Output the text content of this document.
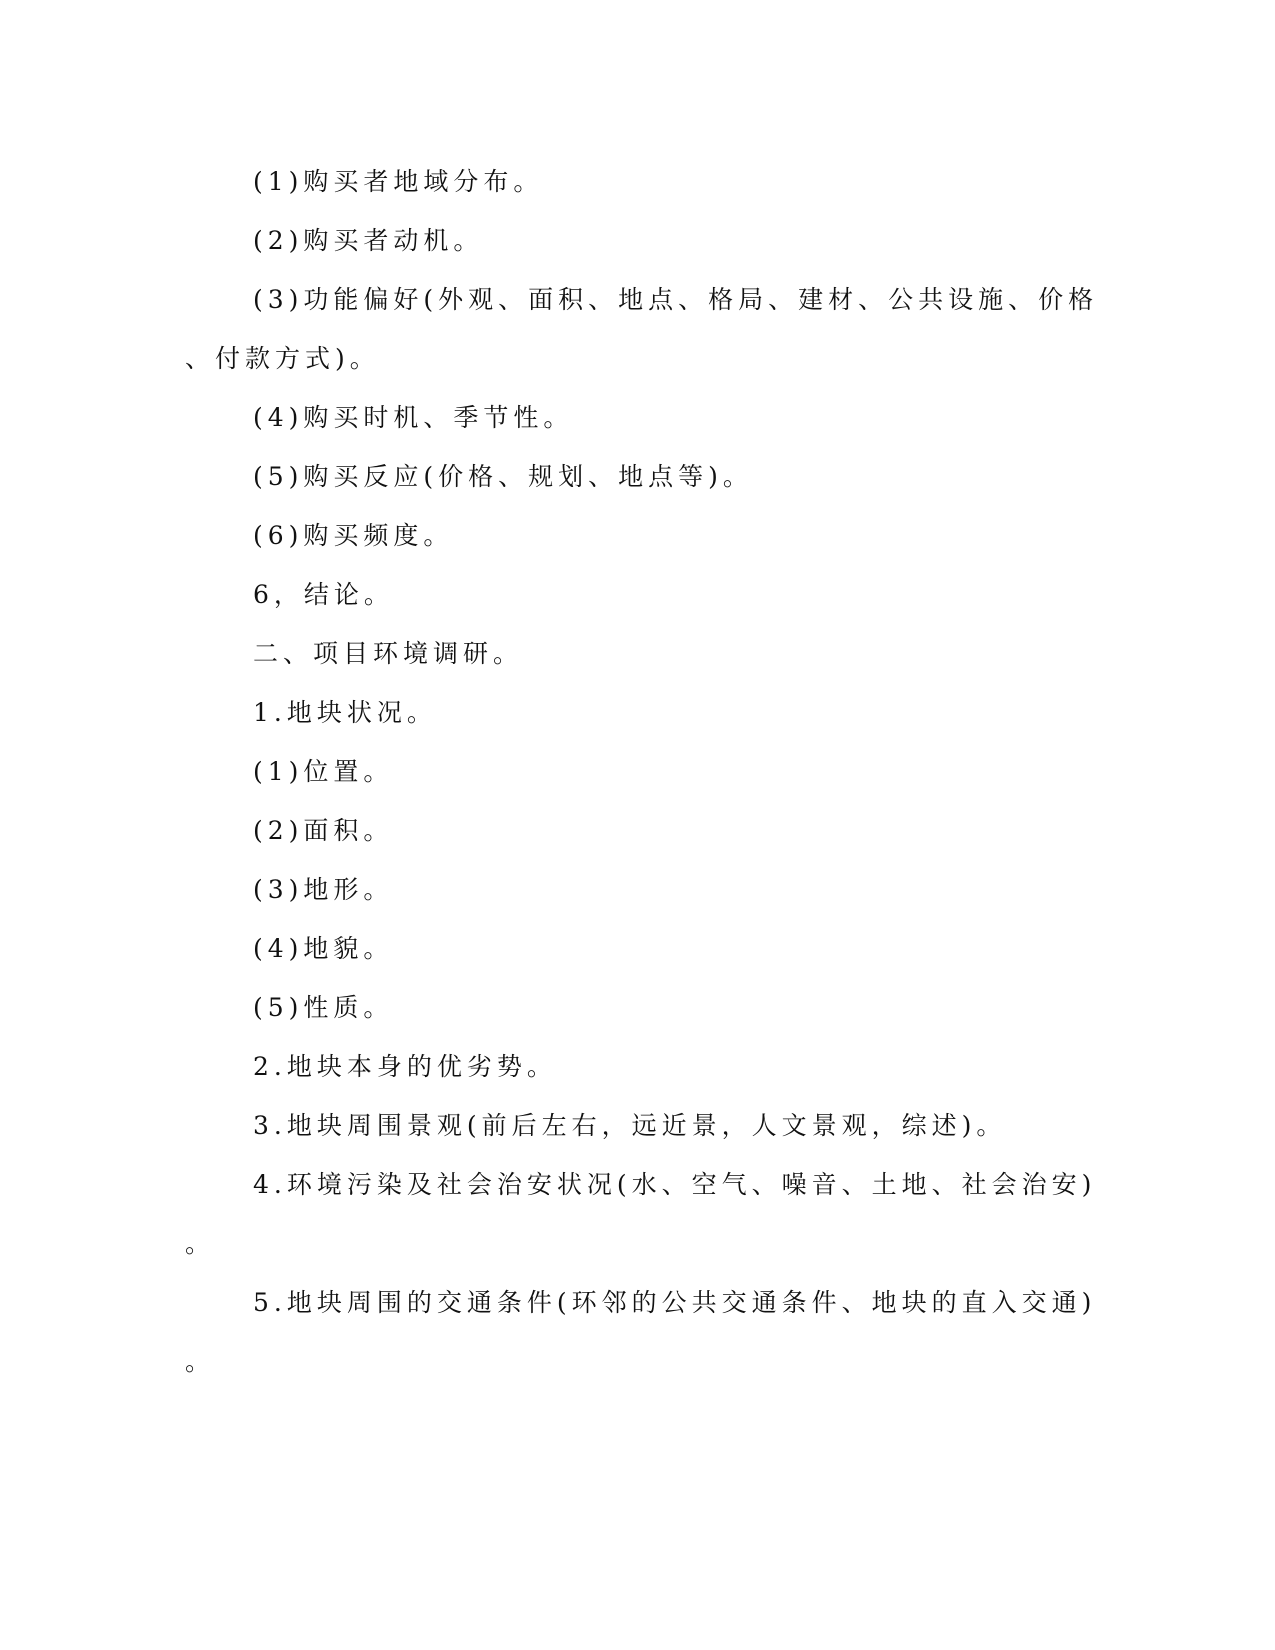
(1)购买者地域分布。
(2)购买者动机。
(3)功能偏好(外观、面积、地点、格局、建材、公共设施、价格
、付款方式)。
(4)购买时机、季节性。
(5)购买反应(价格、规划、地点等)。
(6)购买频度。
6，结论。
二、项目环境调研。
1.地块状况。
(1)位置。
(2)面积。
(3)地形。
(4)地貌。
(5)性质。
2.地块本身的优劣势。
3.地块周围景观(前后左右，远近景，人文景观，综述)。
4.环境污染及社会治安状况(水、空气、噪音、土地、社会治安)
。
5.地块周围的交通条件(环邻的公共交通条件、地块的直入交通)
。
